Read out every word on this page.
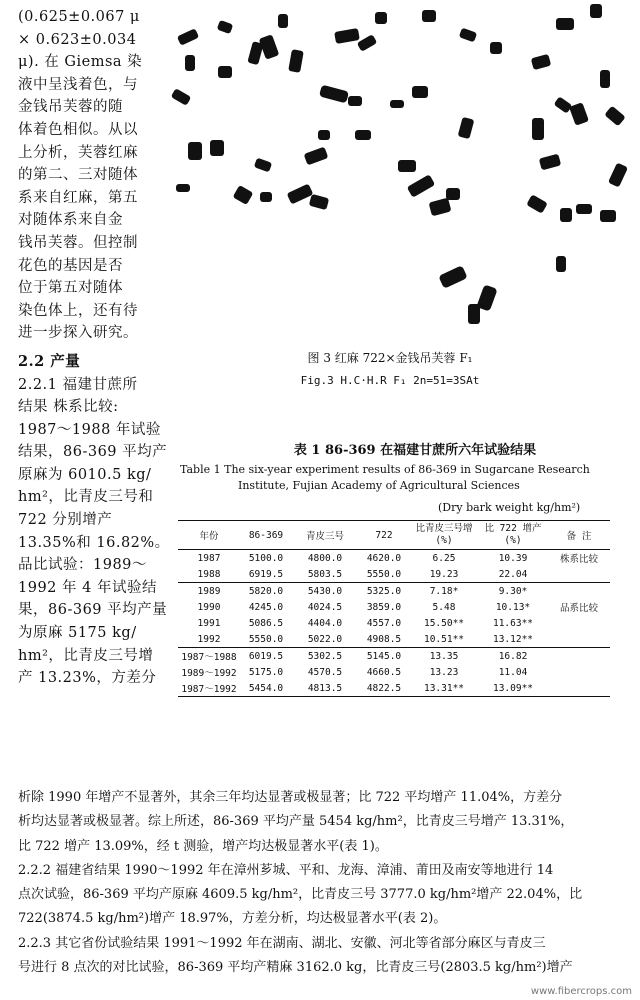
(0.625±0.067 μ
× 0.623±0.034
μ). 在 Giemsa 染
液中呈浅着色，与
金钱吊芙蓉的随
体着色相似。从以
上分析，芙蓉红麻
的第二、三对随体
系来自红麻，第五
对随体系来自金
钱吊芙蓉。但控制
花色的基因是否
位于第五对随体
染色体上，还有待
进一步探入研究。
2.2 产量
2.2.1 福建甘蔗所
结果 株系比较:
1987～1988 年试验
结果，86-369 平均产
原麻为 6010.5 kg/
hm²，比青皮三号和
722 分别增产
13.35%和 16.82%。
品比试验：1989～
1992 年 4 年试验结
果，86-369 平均产量
为原麻 5175 kg/
hm²，比青皮三号增
产 13.23%，方差分
图 3 红麻 722×金钱吊芙蓉 F₁
Fig.3 H.C·H.R F₁ 2n=51=3SAt
表 1 86-369 在福建甘蔗所六年试验结果
Table 1 The six-year experiment results of 86-369 in Sugarcane Research
Institute, Fujian Academy of Agricultural Sciences
(Dry bark weight kg/hm²)
年份	86-369	青皮三号	722	比青皮三号增(%)	比 722 增产(%)	备 注
1987	5100.0	4800.0	4620.0	6.25	10.39	株系比较
1988	6919.5	5803.5	5550.0	19.23	22.04	
1989	5820.0	5430.0	5325.0	7.18*	9.30*	
1990	4245.0	4024.5	3859.0	5.48	10.13*	品系比较
1991	5086.5	4404.0	4557.0	15.50**	11.63**	
1992	5550.0	5022.0	4908.5	10.51**	13.12**	
1987～1988	6019.5	5302.5	5145.0	13.35	16.82	
1989～1992	5175.0	4570.5	4660.5	13.23	11.04	
1987～1992	5454.0	4813.5	4822.5	13.31**	13.09**	
析除 1990 年增产不显著外，其余三年均达显著或极显著；比 722 平均增产 11.04%，方差分
析均达显著或极显著。综上所述，86-369 平均产量 5454 kg/hm²，比青皮三号增产 13.31%，
比 722 增产 13.09%，经 t 测验，增产均达极显著水平(表 1)。
2.2.2 福建省结果 1990～1992 年在漳州芗城、平和、龙海、漳浦、莆田及南安等地进行 14
点次试验，86-369 平均产原麻 4609.5 kg/hm²，比青皮三号 3777.0 kg/hm²增产 22.04%，比
722(3874.5 kg/hm²)增产 18.97%，方差分析，均达极显著水平(表 2)。
2.2.3 其它省份试验结果 1991～1992 年在湖南、湖北、安徽、河北等省部分麻区与青皮三
号进行 8 点次的对比试验，86-369 平均产精麻 3162.0 kg，比青皮三号(2803.5 kg/hm²)增产
www.fibercrops.com
